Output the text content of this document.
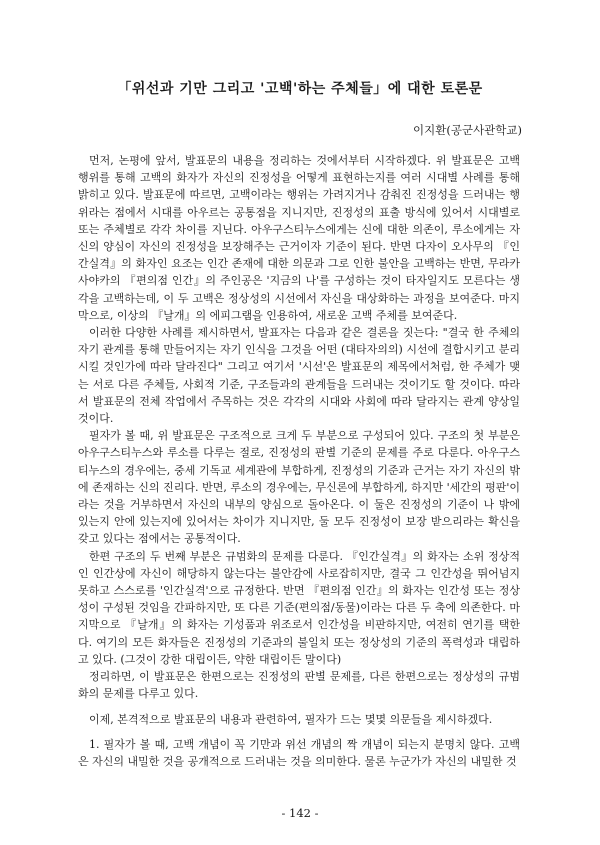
「위선과 기만 그리고 '고백'하는 주체들」에 대한 토론문
이지환(공군사관학교)

먼저, 논평에 앞서, 발표문의 내용을 정리하는 것에서부터 시작하겠다. 위 발표문은 고백 행위를 통해 고백의 화자가 자신의 진정성을 어떻게 표현하는지를 여러 시대별 사례를 통해 밝히고 있다. 발표문에 따르면, 고백이라는 행위는 가려지거나 감춰진 진정성을 드러내는 행위라는 점에서 시대를 아우르는 공통점을 지니지만, 진정성의 표출 방식에 있어서 시대별로 또는 주체별로 각각 차이를 지닌다. 아우구스티누스에게는 신에 대한 의존이, 루소에게는 자신의 양심이 자신의 진정성을 보장해주는 근거이자 기준이 된다. 반면 다자이 오사무의 『인간실격』의 화자인 요조는 인간 존재에 대한 의문과 그로 인한 불안을 고백하는 반면, 무라카 사야카의 『편의점 인간』의 주인공은 '지금의 나'를 구성하는 것이 타자일지도 모른다는 생각을 고백하는데, 이 두 고백은 정상성의 시선에서 자신을 대상화하는 과정을 보여준다. 마지막으로, 이상의 『날개』의 에피그램을 인용하여, 새로운 고백 주체를 보여준다.

이러한 다양한 사례를 제시하면서, 발표자는 다음과 같은 결론을 짓는다: "결국 한 주체의 자기 관계를 통해 만들어지는 자기 인식을 그것을 어떤 (대타자의의) 시선에 결합시키고 분리시킬 것인가에 따라 달라진다" 그리고 여기서 '시선'은 발표문의 제목에서처럼, 한 주체가 맺는 서로 다른 주체들, 사회적 기준, 구조들과의 관계들을 드러내는 것이기도 할 것이다. 따라서 발표문의 전체 작업에서 주목하는 것은 각각의 시대와 사회에 따라 달라지는 관계 양상일 것이다.

필자가 볼 때, 위 발표문은 구조적으로 크게 두 부분으로 구성되어 있다. 구조의 첫 부분은 아우구스티누스와 루소를 다루는 절로, 진정성의 판별 기준의 문제를 주로 다룬다. 아우구스티누스의 경우에는, 중세 기독교 세계관에 부합하게, 진정성의 기준과 근거는 자기 자신의 밖에 존재하는 신의 진리다. 반면, 루소의 경우에는, 무신론에 부합하게, 하지만 '세간의 평판'이라는 것을 거부하면서 자신의 내부의 양심으로 돌아온다. 이 둘은 진정성의 기준이 나 밖에 있는지 안에 있는지에 있어서는 차이가 지니지만, 둘 모두 진정성이 보장 받으리라는 확신을 갖고 있다는 점에서는 공통적이다.

한편 구조의 두 번째 부분은 규범화의 문제를 다룬다. 『인간실격』의 화자는 소위 정상적인 인간상에 자신이 해당하지 않는다는 불안감에 사로잡히지만, 결국 그 인간성을 뛰어넘지 못하고 스스로를 '인간실격'으로 규정한다. 반면 『편의점 인간』의 화자는 인간성 또는 정상성이 구성된 것임을 간파하지만, 또 다른 기준(편의점/동물)이라는 다른 두 축에 의존한다. 마지막으로 『날개』의 화자는 기성품과 위조로서 인간성을 비판하지만, 여전히 연기를 택한다. 여기의 모든 화자들은 진정성의 기준과의 불일치 또는 정상성의 기준의 폭력성과 대립하고 있다. (그것이 강한 대립이든, 약한 대립이든 말이다)

정리하면, 이 발표문은 한편으로는 진정성의 판별 문제를, 다른 한편으로는 정상성의 규범화의 문제를 다루고 있다.

이제, 본격적으로 발표문의 내용과 관련하여, 필자가 드는 몇몇 의문들을 제시하겠다.

1. 필자가 볼 때, 고백 개념이 꼭 기만과 위선 개념의 짝 개념이 되는지 분명치 않다. 고백은 자신의 내밀한 것을 공개적으로 드러내는 것을 의미한다. 물론 누군가가 자신의 내밀한 것

- 142 -
